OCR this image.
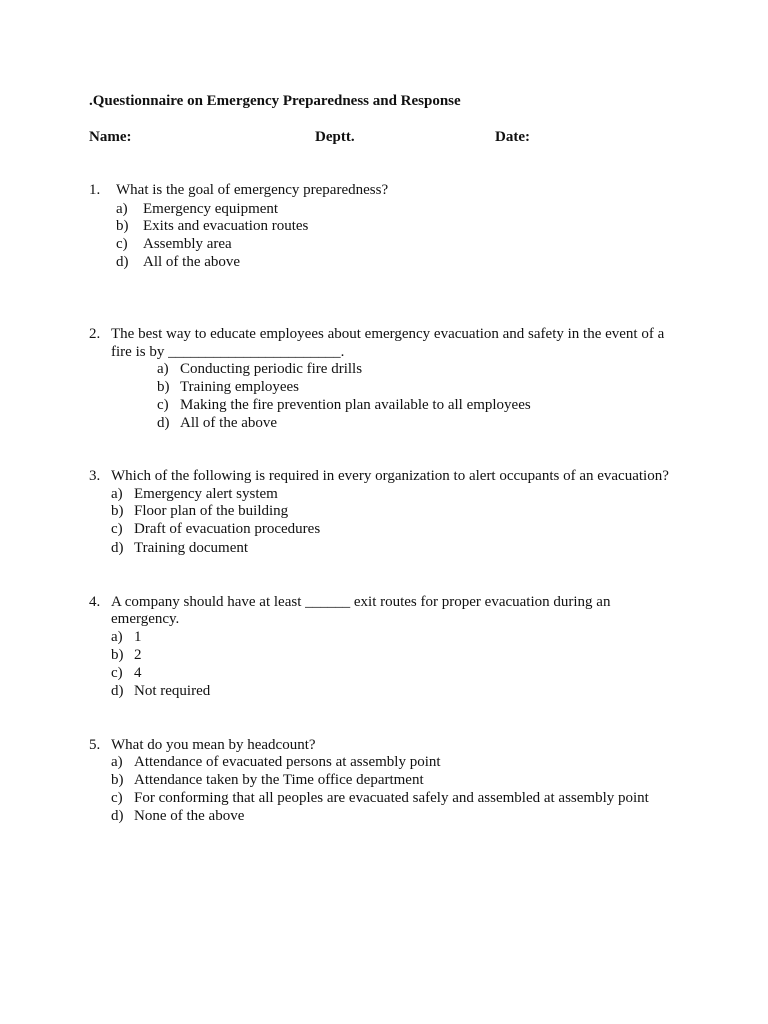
.Questionnaire on Emergency Preparedness and Response
Name:	Deptt.	Date:
1. What is the goal of emergency preparedness?
a) Emergency equipment
b) Exits and evacuation routes
c) Assembly area
d) All of the above
2. The best way to educate employees about emergency evacuation and safety in the event of a
fire is by _______________________.
a) Conducting periodic fire drills
b) Training employees
c) Making the fire prevention plan available to all employees
d) All of the above
3. Which of the following is required in every organization to alert occupants of an evacuation?
a) Emergency alert system
b) Floor plan of the building
c) Draft of evacuation procedures
d) Training document
4. A company should have at least ______ exit routes for proper evacuation during an
emergency.
a) 1
b) 2
c) 4
d) Not required
5. What do you mean by headcount?
a) Attendance of evacuated persons at assembly point
b) Attendance taken by the Time office department
c) For conforming that all peoples are evacuated safely and assembled at assembly point
d) None of the above
